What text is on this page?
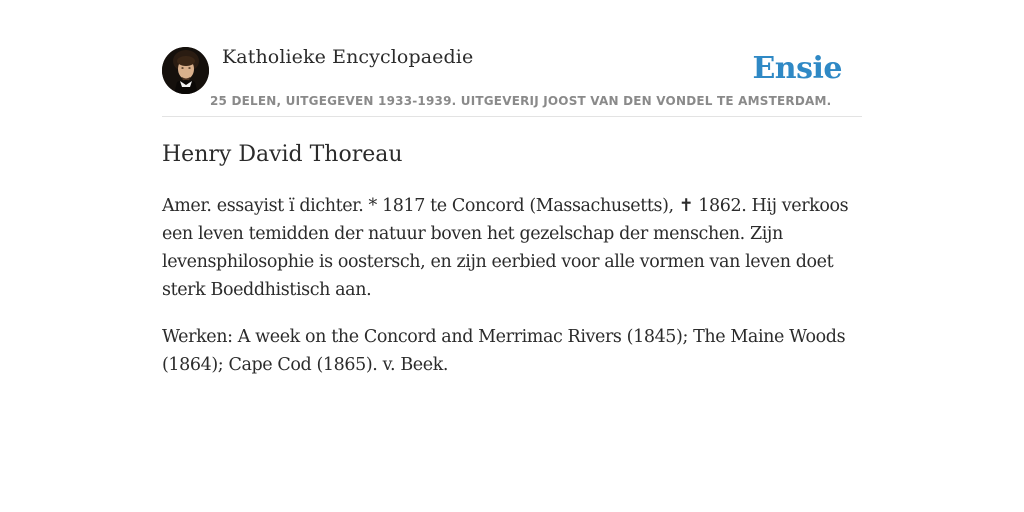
Katholieke Encyclopaedie
25 DELEN, UITGEGEVEN 1933-1939. UITGEVERIJ JOOST VAN DEN VONDEL TE AMSTERDAM.
Ensie
Henry David Thoreau

Amer. essayist ï dichter. * 1817 te Concord (Massachusetts), ✝ 1862. Hij verkoos een leven temidden der natuur boven het gezelschap der menschen. Zijn levensphilosophie is oostersch, en zijn eerbied voor alle vormen van leven doet sterk Boeddhistisch aan.

Werken: A week on the Concord and Merrimac Rivers (1845); The Maine Woods (1864); Cape Cod (1865). v. Beek.
